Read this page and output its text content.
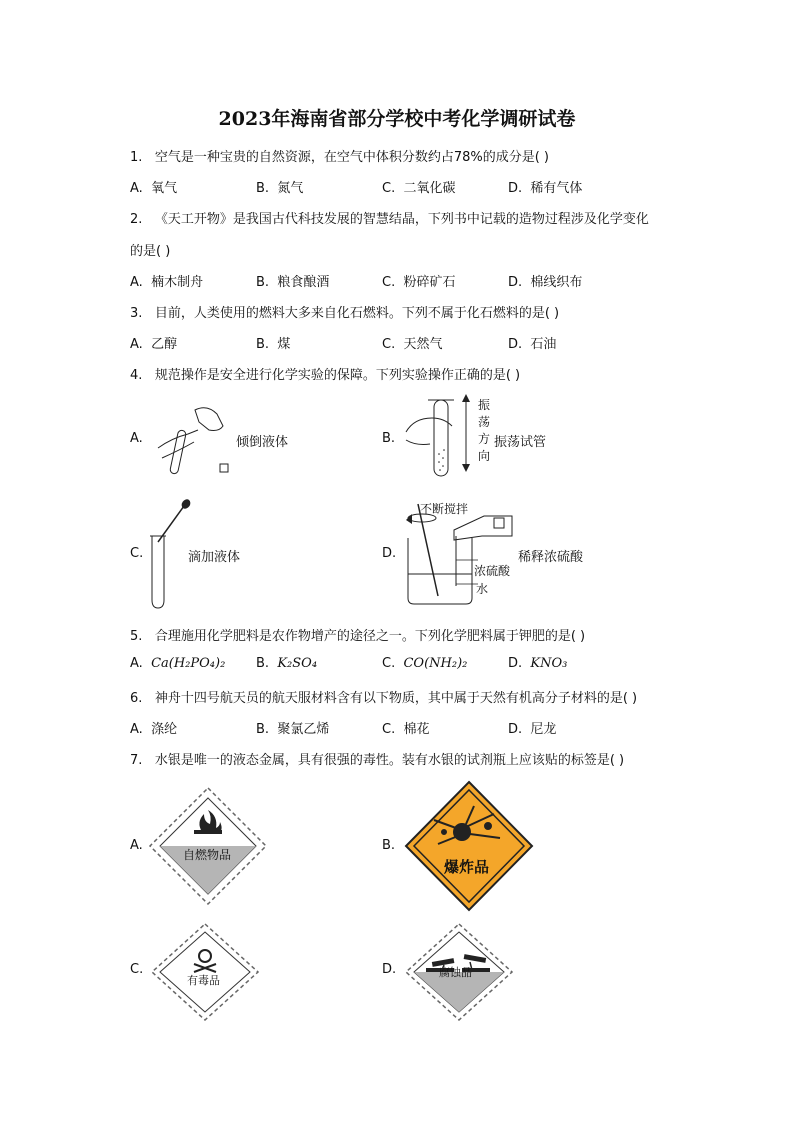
2023年海南省部分学校中考化学调研试卷
1. 空气是一种宝贵的自然资源，在空气中体积分数约占78%的成分是( )
A. 氧气	B. 氮气	C. 二氧化碳	D. 稀有气体
2. 《天工开物》是我国古代科技发展的智慧结晶，下列书中记载的造物过程涉及化学变化
的是( )
A. 楠木制舟	B. 粮食酿酒	C. 粉碎矿石	D. 棉线织布
3. 目前，人类使用的燃料大多来自化石燃料。下列不属于化石燃料的是( )
A. 乙醇	B. 煤	C. 天然气	D. 石油
4. 规范操作是安全进行化学实验的保障。下列实验操作正确的是( )
A.	倾倒液体	B.
振
荡
方
向
振荡试管
C.	滴加液体	D.
不断搅拌
浓硫酸
水
稀释浓硫酸
5. 合理施用化学肥料是农作物增产的途径之一。下列化学肥料属于钾肥的是( )
A. Ca(H₂PO₄)₂ B. K₂SO₄	C. CO(NH₂)₂	D. KNO₃
6. 神舟十四号航天员的航天服材料含有以下物质，其中属于天然有机高分子材料的是( )
A. 涤纶	B. 聚氯乙烯	C. 棉花	D. 尼龙
7. 水银是唯一的液态金属，具有很强的毒性。装有水银的试剂瓶上应该贴的标签是( )
A.
自燃物品
B.
爆炸品
C.
有毒品
D.	腐蚀品
